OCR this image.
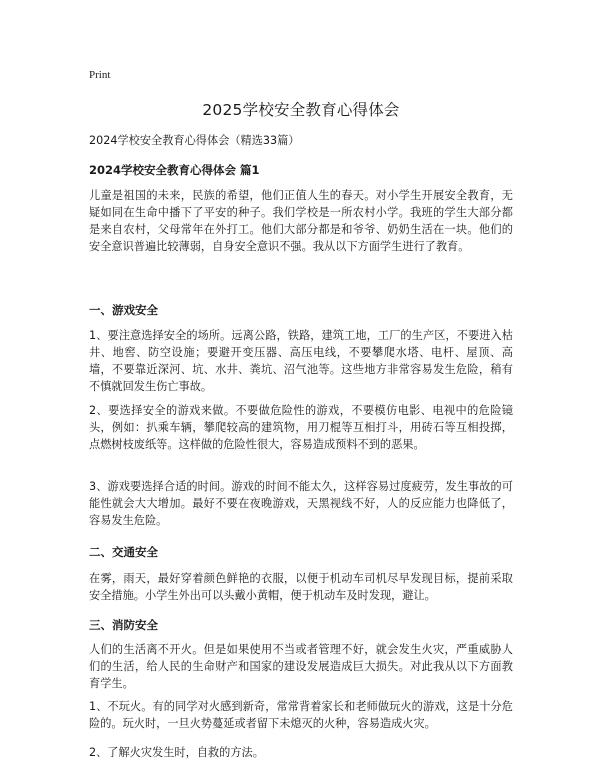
Print
2025学校安全教育心得体会

2024学校安全教育心得体会（精选33篇）

2024学校安全教育心得体会 篇1

儿童是祖国的未来，民族的希望，他们正值人生的春天。对小学生开展安全教育，无疑如同在生命中播下了平安的种子。我们学校是一所农村小学。我班的学生大部分都是来自农村，父母常年在外打工。他们大部分都是和爷爷、奶奶生活在一块。他们的安全意识普遍比较薄弱，自身安全意识不强。我从以下方面学生进行了教育。

一、游戏安全

1、要注意选择安全的场所。远离公路，铁路，建筑工地，工厂的生产区，不要进入枯井、地窖、防空设施；要避开变压器、高压电线，不要攀爬水塔、电杆、屋顶、高墙，不要靠近深河、坑、水井、粪坑、沼气池等。这些地方非常容易发生危险，稍有不慎就回发生伤亡事故。

2、要选择安全的游戏来做。不要做危险性的游戏，不要模仿电影、电视中的危险镜头，例如：扒乘车辆，攀爬较高的建筑物，用刀棍等互相打斗，用砖石等互相投掷，点燃树枝废纸等。这样做的危险性很大，容易造成预料不到的恶果。

3、游戏要选择合适的时间。游戏的时间不能太久，这样容易过度疲劳，发生事故的可能性就会大大增加。最好不要在夜晚游戏，天黑视线不好，人的反应能力也降低了，容易发生危险。

二、交通安全

在雾，雨天，最好穿着颜色鲜艳的衣服，以便于机动车司机尽早发现目标，提前采取安全措施。小学生外出可以头戴小黄帽，便于机动车及时发现，避让。

三、消防安全

人们的生活离不开火。但是如果使用不当或者管理不好，就会发生火灾，严重威胁人们的生活，给人民的生命财产和国家的建设发展造成巨大损失。对此我从以下方面教育学生。

1、不玩火。有的同学对火感到新奇，常常背着家长和老师做玩火的游戏，这是十分危险的。玩火时，一旦火势蔓延或者留下未熄灭的火种，容易造成火灾。

2、了解火灾发生时，自救的方法。
